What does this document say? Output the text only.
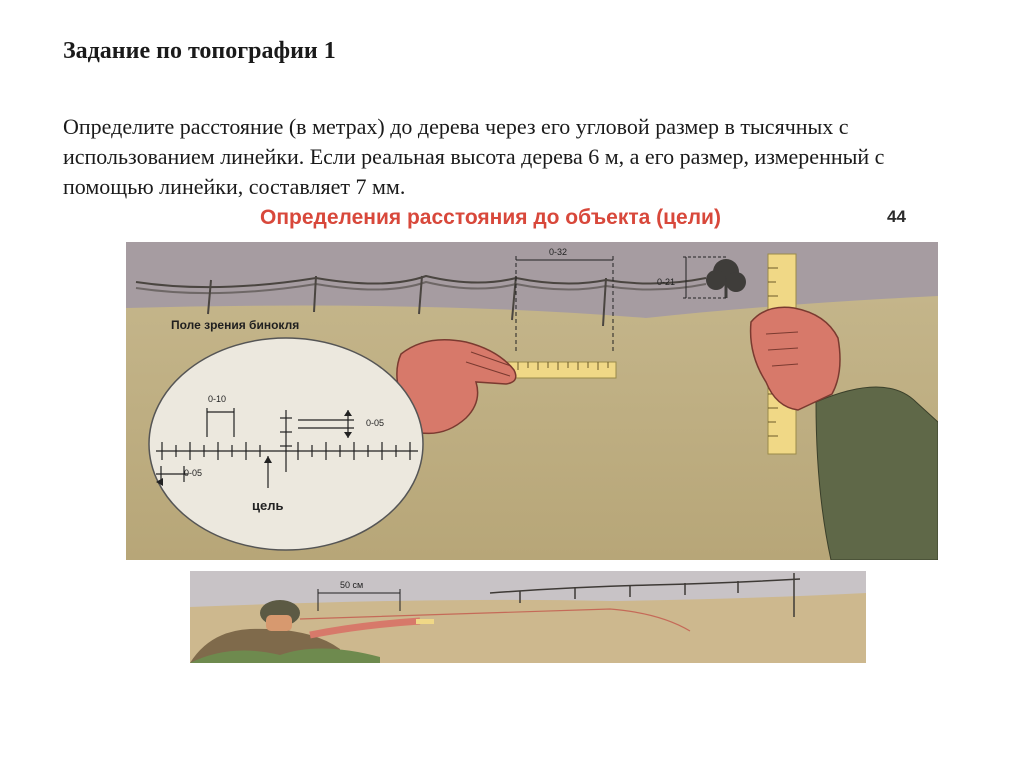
Задание по топографии 1

Определите расстояние (в метрах) до дерева через его угловой размер в тысячных с использованием линейки. Если реальная высота дерева 6 м, а его размер, измеренный с помощью линейки, составляет 7 мм.

Определения расстояния до объекта (цели)	44
0-21
0-32
Поле зрения бинокля
0-10
0-05
0-05
цель
50 см
